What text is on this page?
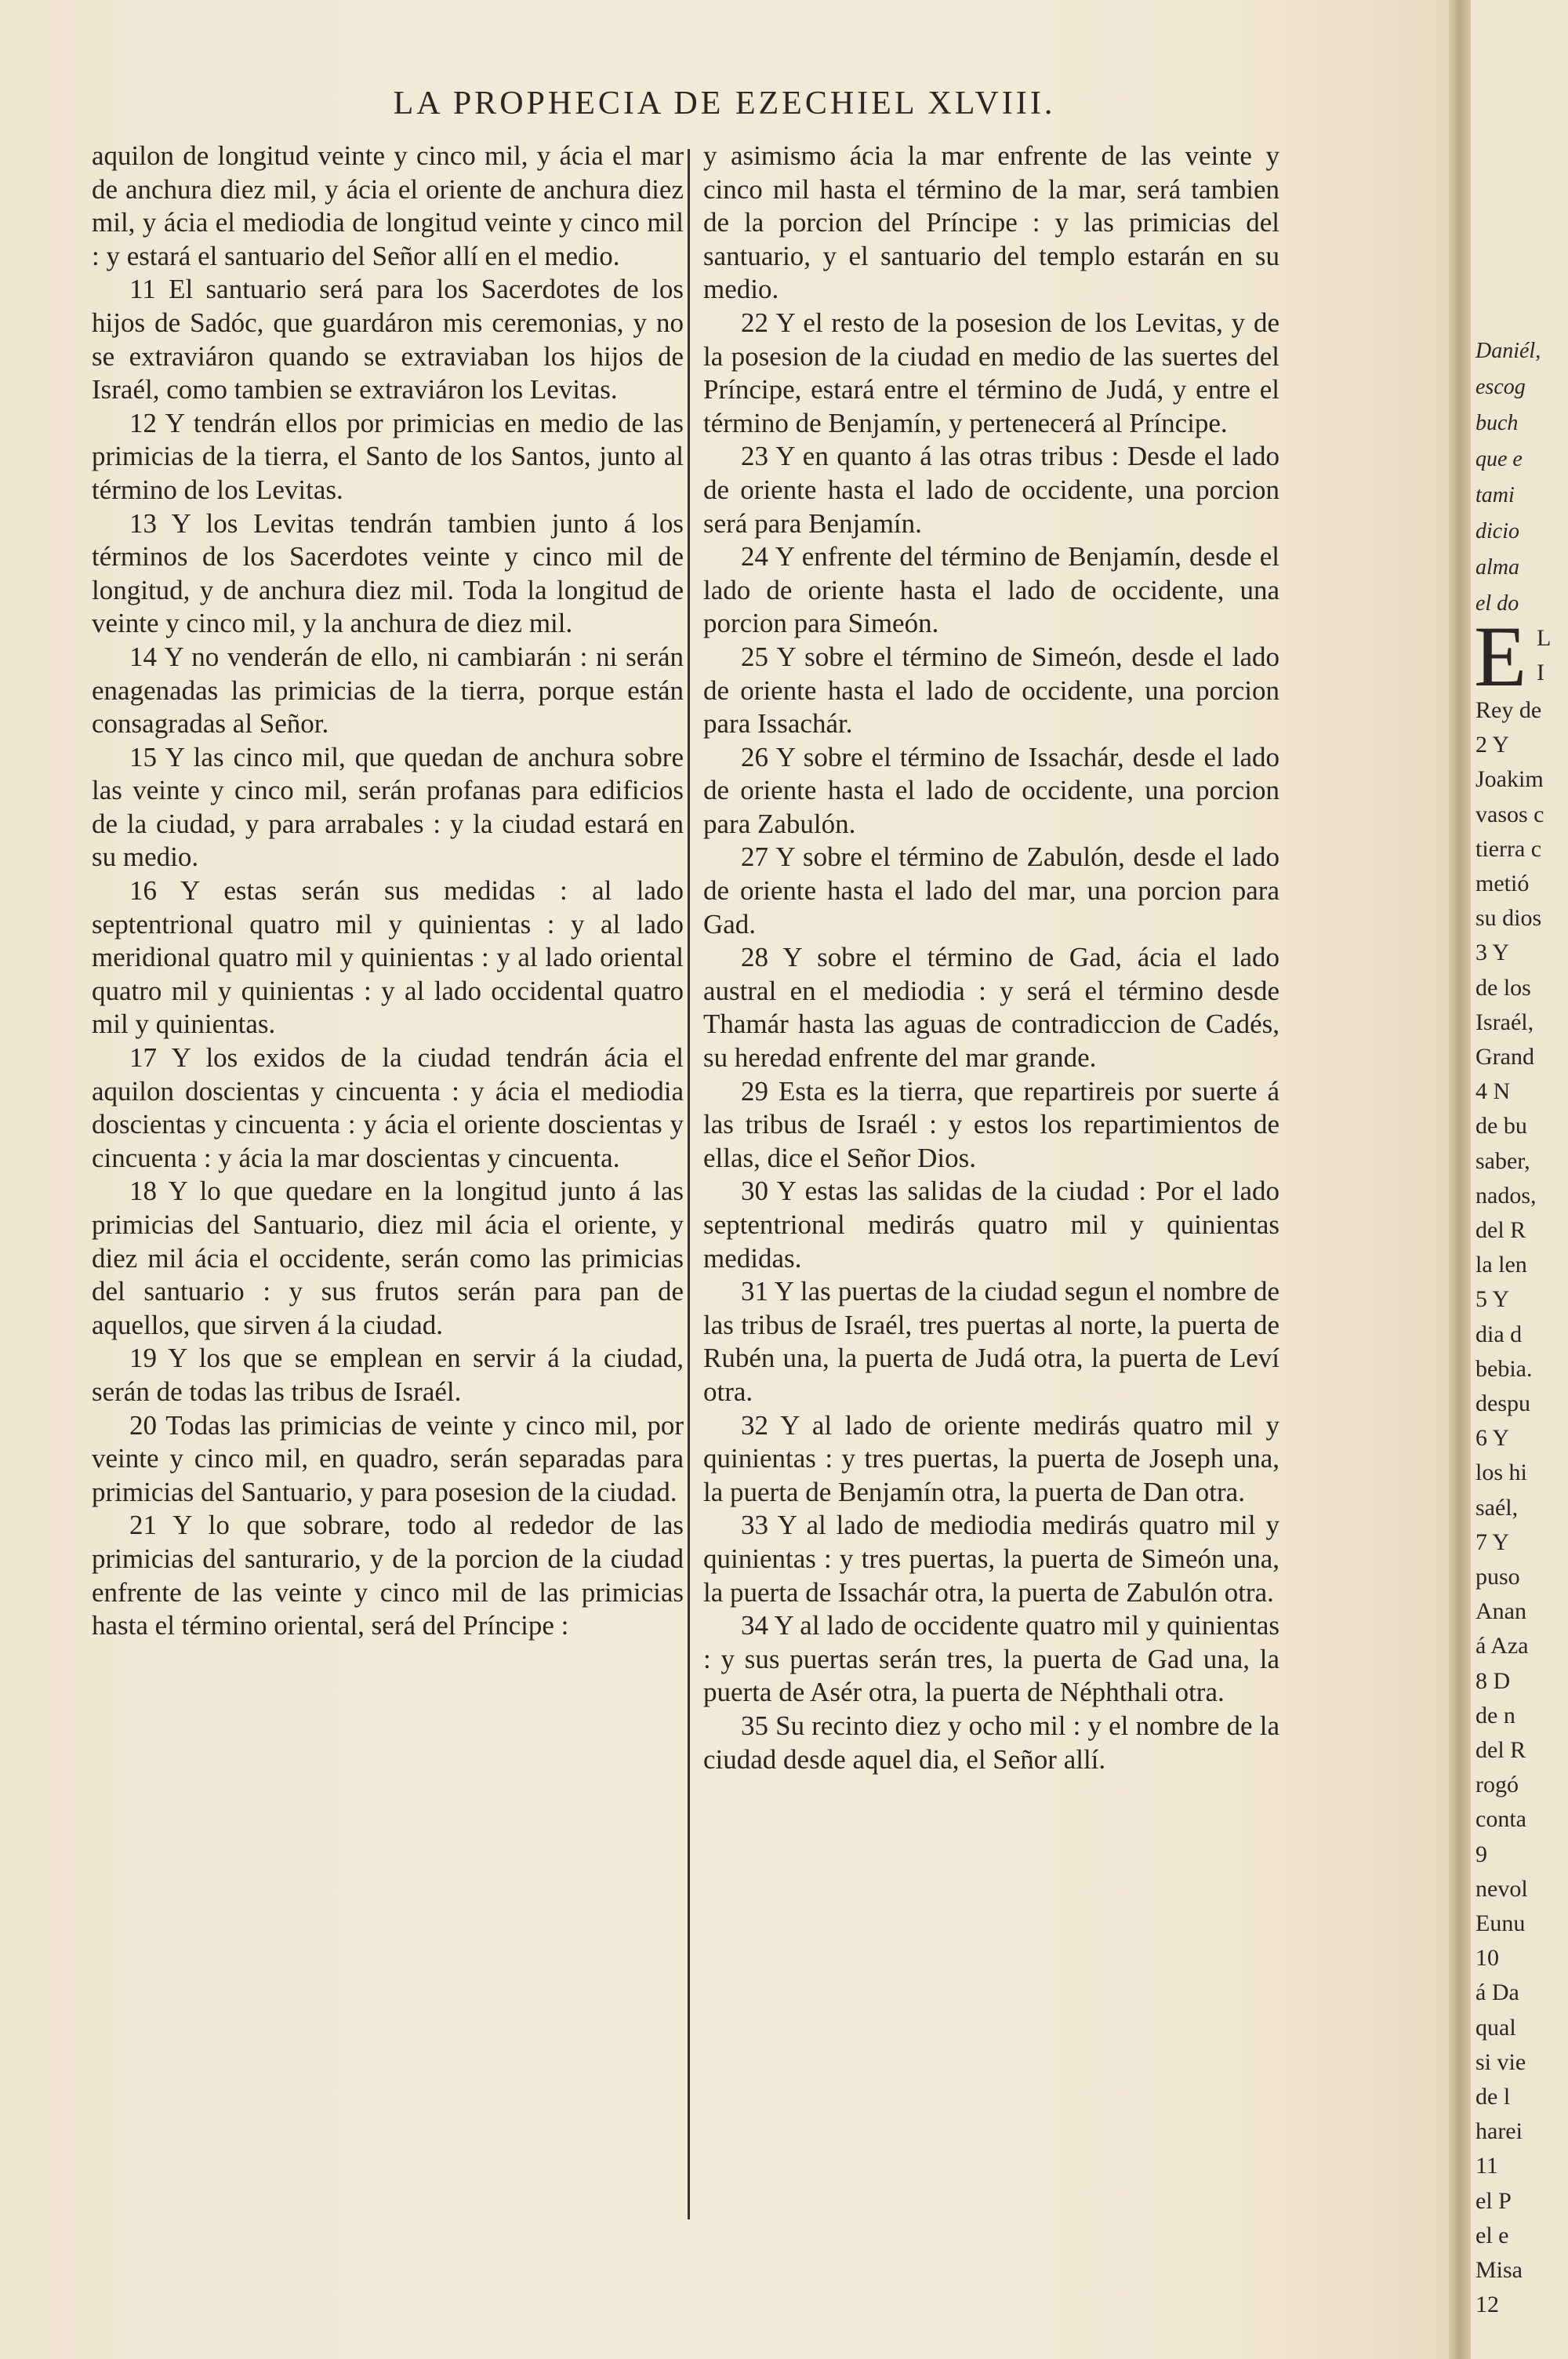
LA PROPHECIA DE EZECHIEL XLVIII.

aquilon de longitud veinte y cinco mil, y ácia el mar de anchura diez mil, y ácia el oriente de anchura diez mil, y ácia el mediodia de longitud veinte y cinco mil : y estará el santuario del Señor allí en el medio.

11 El santuario será para los Sacerdotes de los hijos de Sadóc, que guardáron mis ceremonias, y no se extraviáron quando se extraviaban los hijos de Israél, como tambien se extraviáron los Levitas.

12 Y tendrán ellos por primicias en medio de las primicias de la tierra, el Santo de los Santos, junto al término de los Levitas.

13 Y los Levitas tendrán tambien junto á los términos de los Sacerdotes veinte y cinco mil de longitud, y de anchura diez mil. Toda la longitud de veinte y cinco mil, y la anchura de diez mil.

14 Y no venderán de ello, ni cambiarán : ni serán enagenadas las primicias de la tierra, porque están consagradas al Señor.

15 Y las cinco mil, que quedan de anchura sobre las veinte y cinco mil, serán profanas para edificios de la ciudad, y para arrabales : y la ciudad estará en su medio.

16 Y estas serán sus medidas : al lado septentrional quatro mil y quinientas : y al lado meridional quatro mil y quinientas : y al lado oriental quatro mil y quinientas : y al lado occidental quatro mil y quinientas.

17 Y los exidos de la ciudad tendrán ácia el aquilon doscientas y cincuenta : y ácia el mediodia doscientas y cincuenta : y ácia el oriente doscientas y cincuenta : y ácia la mar doscientas y cincuenta.

18 Y lo que quedare en la longitud junto á las primicias del Santuario, diez mil ácia el oriente, y diez mil ácia el occidente, serán como las primicias del santuario : y sus frutos serán para pan de aquellos, que sirven á la ciudad.

19 Y los que se emplean en servir á la ciudad, serán de todas las tribus de Israél.

20 Todas las primicias de veinte y cinco mil, por veinte y cinco mil, en quadro, serán separadas para primicias del Santuario, y para posesion de la ciudad.

21 Y lo que sobrare, todo al rededor de las primicias del santurario, y de la porcion de la ciudad enfrente de las veinte y cinco mil de las primicias hasta el término oriental, será del Príncipe :

y asimismo ácia la mar enfrente de las veinte y cinco mil hasta el término de la mar, será tambien de la porcion del Príncipe : y las primicias del santuario, y el santuario del templo estarán en su medio.

22 Y el resto de la posesion de los Levitas, y de la posesion de la ciudad en medio de las suertes del Príncipe, estará entre el término de Judá, y entre el término de Benjamín, y pertenecerá al Príncipe.

23 Y en quanto á las otras tribus : Desde el lado de oriente hasta el lado de occidente, una porcion será para Benjamín.

24 Y enfrente del término de Benjamín, desde el lado de oriente hasta el lado de occidente, una porcion para Simeón.

25 Y sobre el término de Simeón, desde el lado de oriente hasta el lado de occidente, una porcion para Issachár.

26 Y sobre el término de Issachár, desde el lado de oriente hasta el lado de occidente, una porcion para Zabulón.

27 Y sobre el término de Zabulón, desde el lado de oriente hasta el lado del mar, una porcion para Gad.

28 Y sobre el término de Gad, ácia el lado austral en el mediodia : y será el término desde Thamár hasta las aguas de contradiccion de Cadés, su heredad enfrente del mar grande.

29 Esta es la tierra, que repartireis por suerte á las tribus de Israél : y estos los repartimientos de ellas, dice el Señor Dios.

30 Y estas las salidas de la ciudad : Por el lado septentrional medirás quatro mil y quinientas medidas.

31 Y las puertas de la ciudad segun el nombre de las tribus de Israél, tres puertas al norte, la puerta de Rubén una, la puerta de Judá otra, la puerta de Leví otra.

32 Y al lado de oriente medirás quatro mil y quinientas : y tres puertas, la puerta de Joseph una, la puerta de Benjamín otra, la puerta de Dan otra.

33 Y al lado de mediodia medirás quatro mil y quinientas : y tres puertas, la puerta de Simeón una, la puerta de Issachár otra, la puerta de Zabulón otra.

34 Y al lado de occidente quatro mil y quinientas : y sus puertas serán tres, la puerta de Gad una, la puerta de Asér otra, la puerta de Néphthali otra.

35 Su recinto diez y ocho mil : y el nombre de la ciudad desde aquel dia, el Señor allí.

Daniél,
escog
buch
que e
tami
dicio
alma
el do
E L
I
Rey de
2 Y
Joakim
vasos c
tierra c
metió
su dios
3 Y
de los
Israél,
Grand
4 N
de bu
saber,
nados,
del R
la len
5 Y
dia d
bebia.
despu
6 Y
los hi
saél,
7 Y
puso
Anan
á Aza
8 D
de n
del R
rogó
conta
9
nevol
Eunu
10
á Da
qual
si vie
de l
harei
11
el P
el e
Misa
12
